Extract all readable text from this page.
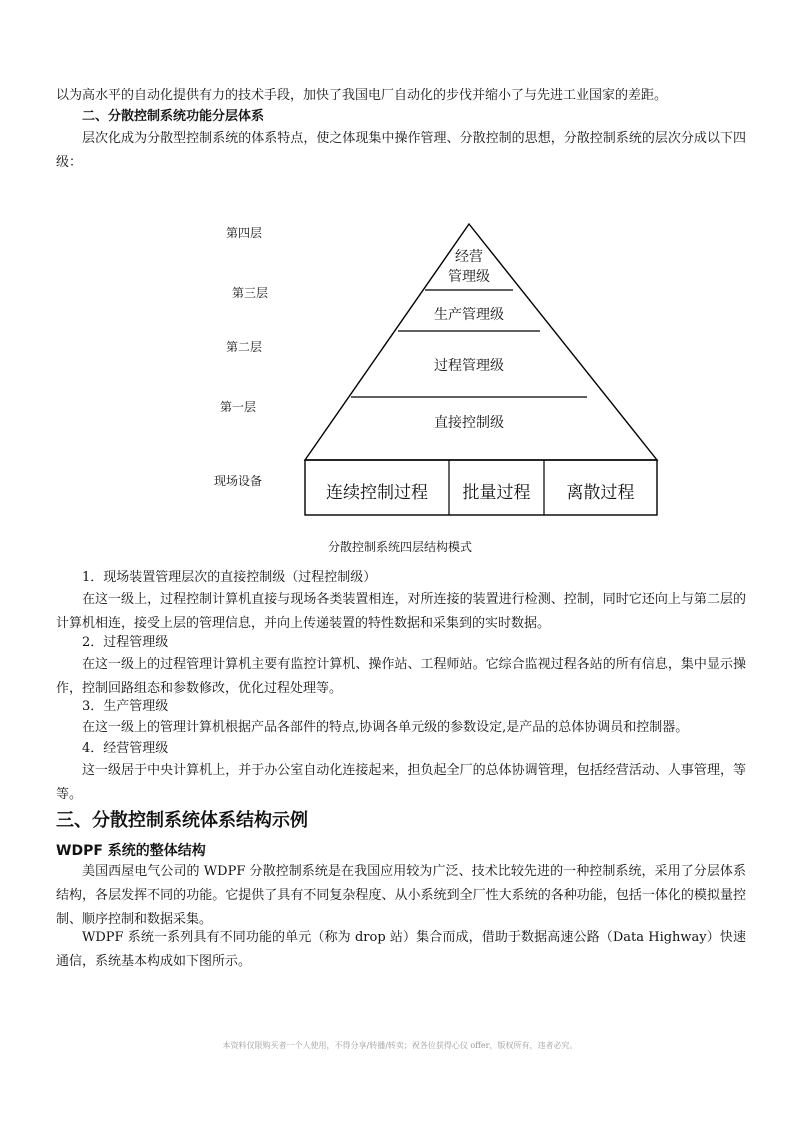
以为高水平的自动化提供有力的技术手段，加快了我国电厂自动化的步伐并缩小了与先进工业国家的差距。

二、分散控制系统功能分层体系

层次化成为分散型控制系统的体系特点，使之体现集中操作管理、分散控制的思想，分散控制系统的层次分成以下四级：

第四层
第三层
第二层
第一层
现场设备
经营
管理级
生产管理级
过程管理级
直接控制级
连续控制过程	批量过程	离散过程
分散控制系统四层结构模式

1．现场装置管理层次的直接控制级（过程控制级）

在这一级上，过程控制计算机直接与现场各类装置相连，对所连接的装置进行检测、控制，同时它还向上与第二层的计算机相连，接受上层的管理信息，并向上传递装置的特性数据和采集到的实时数据。

2．过程管理级

在这一级上的过程管理计算机主要有监控计算机、操作站、工程师站。它综合监视过程各站的所有信息，集中显示操作，控制回路组态和参数修改，优化过程处理等。

3．生产管理级

在这一级上的管理计算机根据产品各部件的特点,协调各单元级的参数设定,是产品的总体协调员和控制器。

4．经营管理级

这一级居于中央计算机上，并于办公室自动化连接起来，担负起全厂的总体协调管理，包括经营活动、人事管理，等等。

三、分散控制系统体系结构示例
WDPF 系统的整体结构

美国西屋电气公司的 WDPF 分散控制系统是在我国应用较为广泛、技术比较先进的一种控制系统，采用了分层体系结构，各层发挥不同的功能。它提供了具有不同复杂程度、从小系统到全厂性大系统的各种功能，包括一体化的模拟量控制、顺序控制和数据采集。

WDPF 系统一系列具有不同功能的单元（称为 drop 站）集合而成，借助于数据高速公路（Data Highway）快速通信，系统基本构成如下图所示。

本资料仅限购买者一个人使用，不得分享/转播/转卖；祝各位获得心仪 offer，版权所有，违者必究。
